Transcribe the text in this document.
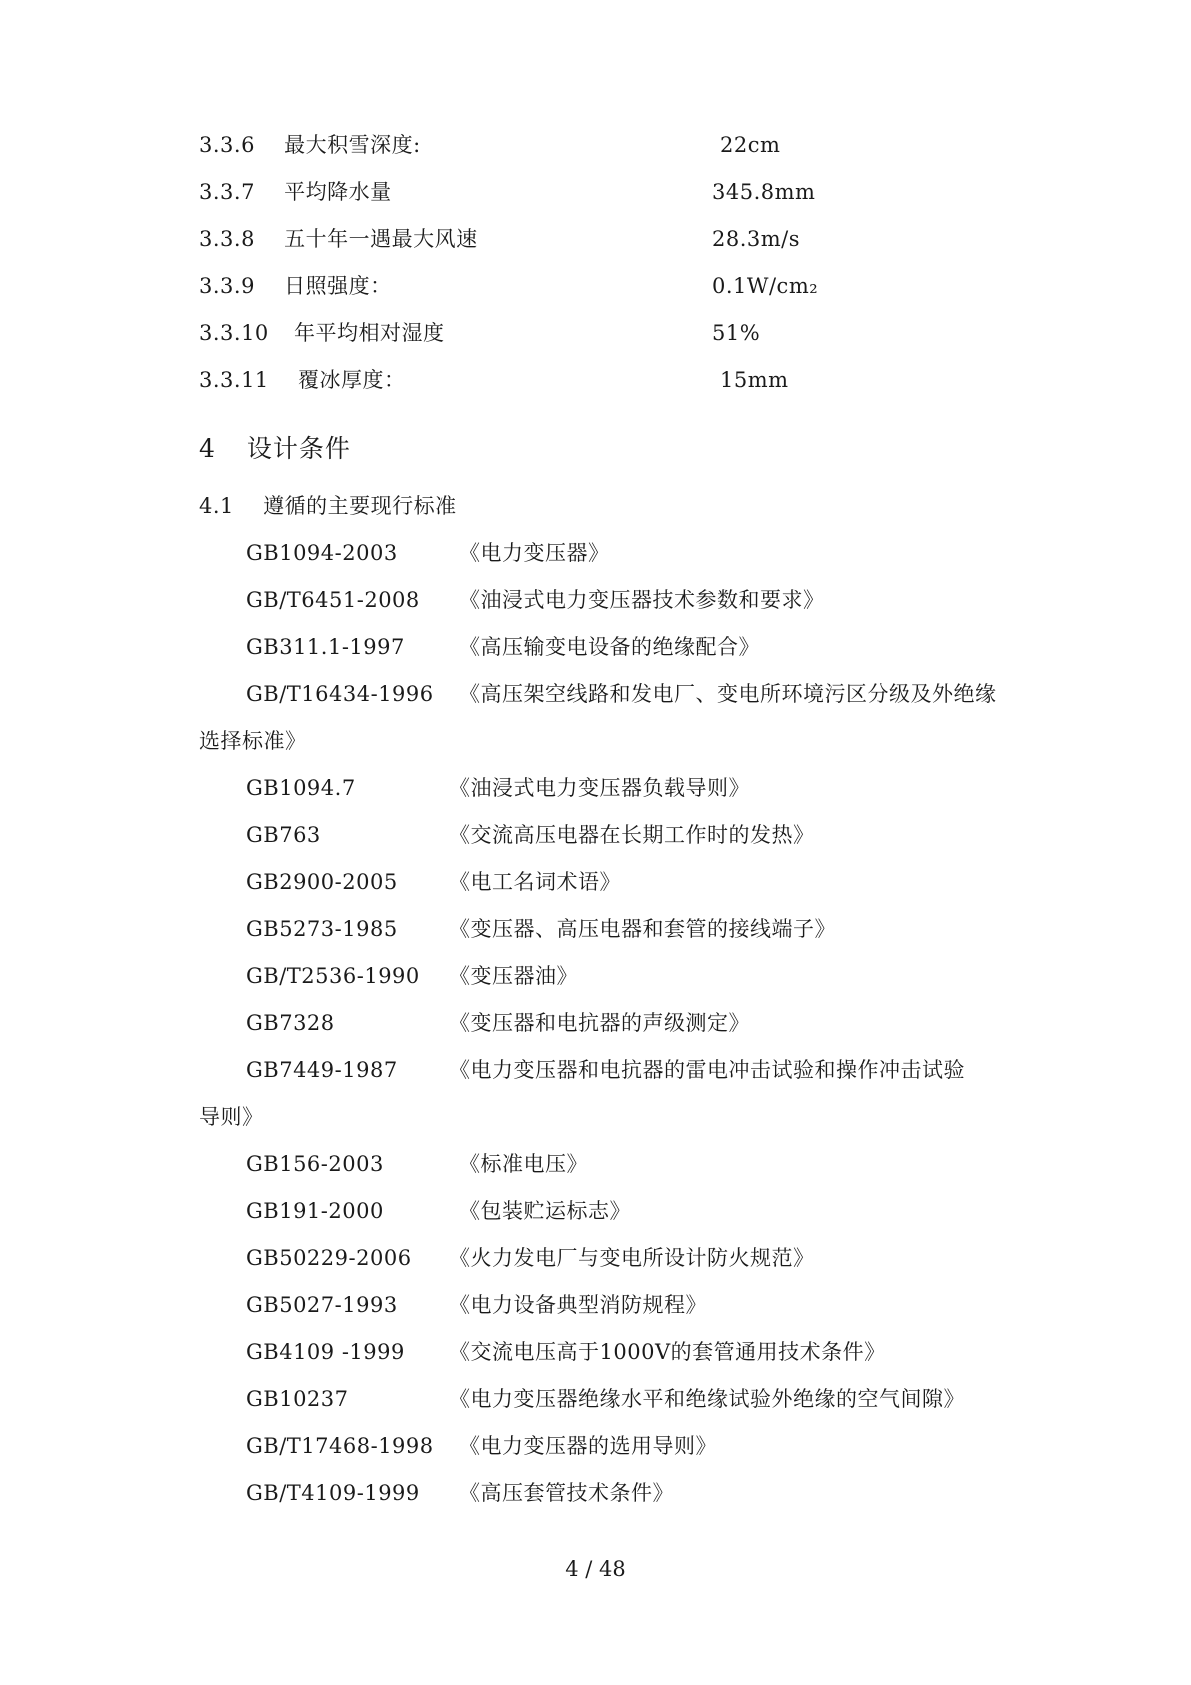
3.3.6 最大积雪深度:	22cm
3.3.7 平均降水量	345.8mm
3.3.8 五十年一遇最大风速	28.3m/s
3.3.9 日照强度：	0.1W/cm₂
3.3.10 年平均相对湿度	51%
3.3.11 覆冰厚度：	15mm
4 设计条件
4.1 遵循的主要现行标准
GB1094-2003	《电力变压器》
GB/T6451-2008 《油浸式电力变压器技术参数和要求》
GB311.1-1997	《高压输变电设备的绝缘配合》
GB/T16434-1996 《高压架空线路和发电厂、变电所环境污区分级及外绝缘
选择标准》
GB1094.7	《油浸式电力变压器负载导则》
GB763	《交流高压电器在长期工作时的发热》
GB2900-2005 《电工名词术语》
GB5273-1985 《变压器、高压电器和套管的接线端子》
GB/T2536-1990 《变压器油》
GB7328	《变压器和电抗器的声级测定》
GB7449-1987 《电力变压器和电抗器的雷电冲击试验和操作冲击试验
导则》
GB156-2003	《标准电压》
GB191-2000	《包装贮运标志》
GB50229-2006 《火力发电厂与变电所设计防火规范》
GB5027-1993 《电力设备典型消防规程》
GB4109 -1999 《交流电压高于1000V的套管通用技术条件》
GB10237	《电力变压器绝缘水平和绝缘试验外绝缘的空气间隙》
GB/T17468-1998 《电力变压器的选用导则》
GB/T4109-1999 《高压套管技术条件》
4 / 48
